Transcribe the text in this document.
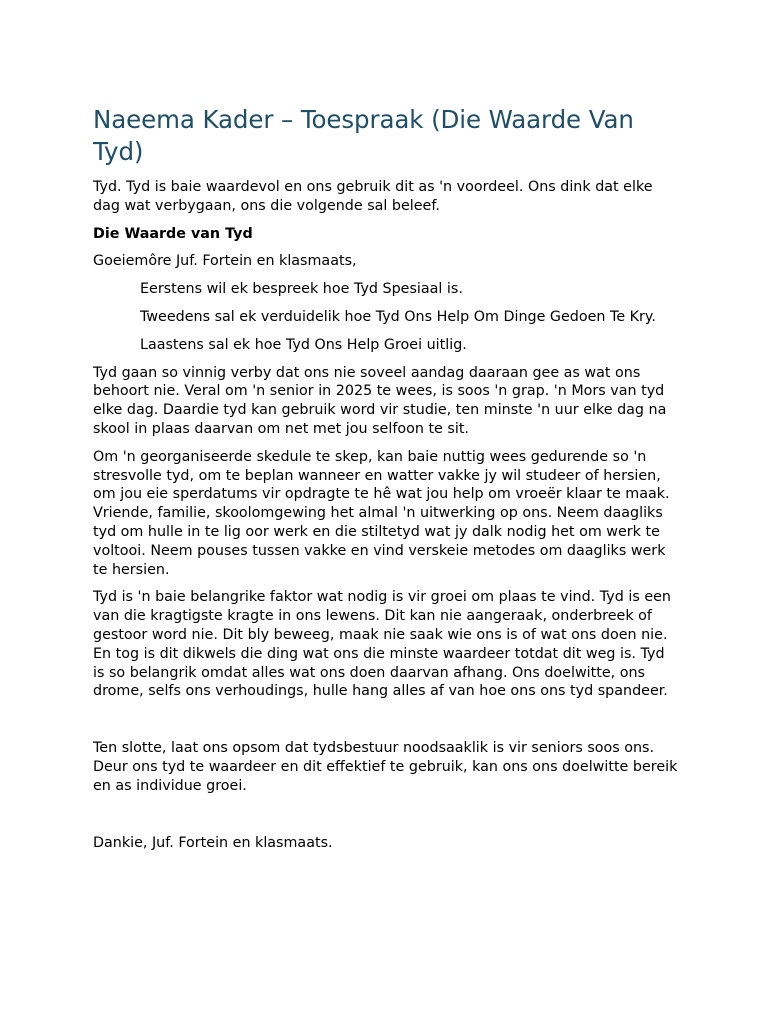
Naeema Kader – Toespraak (Die Waarde Van Tyd)

Tyd. Tyd is baie waardevol en ons gebruik dit as 'n voordeel. Ons dink dat elke dag wat verbygaan, ons die volgende sal beleef.

Die Waarde van Tyd

Goeiemôre Juf. Fortein en klasmaats,

Eerstens wil ek bespreek hoe Tyd Spesiaal is.

Tweedens sal ek verduidelik hoe Tyd Ons Help Om Dinge Gedoen Te Kry.

Laastens sal ek hoe Tyd Ons Help Groei uitlig.

Tyd gaan so vinnig verby dat ons nie soveel aandag daaraan gee as wat ons behoort nie. Veral om 'n senior in 2025 te wees, is soos 'n grap. 'n Mors van tyd elke dag. Daardie tyd kan gebruik word vir studie, ten minste 'n uur elke dag na skool in plaas daarvan om net met jou selfoon te sit.

Om 'n georganiseerde skedule te skep, kan baie nuttig wees gedurende so 'n stresvolle tyd, om te beplan wanneer en watter vakke jy wil studeer of hersien, om jou eie sperdatums vir opdragte te hê wat jou help om vroeër klaar te maak. Vriende, familie, skoolomgewing het almal 'n uitwerking op ons. Neem daagliks tyd om hulle in te lig oor werk en die stiltetyd wat jy dalk nodig het om werk te voltooi. Neem pouses tussen vakke en vind verskeie metodes om daagliks werk te hersien.

Tyd is 'n baie belangrike faktor wat nodig is vir groei om plaas te vind. Tyd is een van die kragtigste kragte in ons lewens. Dit kan nie aangeraak, onderbreek of gestoor word nie. Dit bly beweeg, maak nie saak wie ons is of wat ons doen nie. En tog is dit dikwels die ding wat ons die minste waardeer totdat dit weg is. Tyd is so belangrik omdat alles wat ons doen daarvan afhang. Ons doelwitte, ons drome, selfs ons verhoudings, hulle hang alles af van hoe ons ons tyd spandeer.

Ten slotte, laat ons opsom dat tydsbestuur noodsaaklik is vir seniors soos ons. Deur ons tyd te waardeer en dit effektief te gebruik, kan ons ons doelwitte bereik en as individue groei.

Dankie, Juf. Fortein en klasmaats.
